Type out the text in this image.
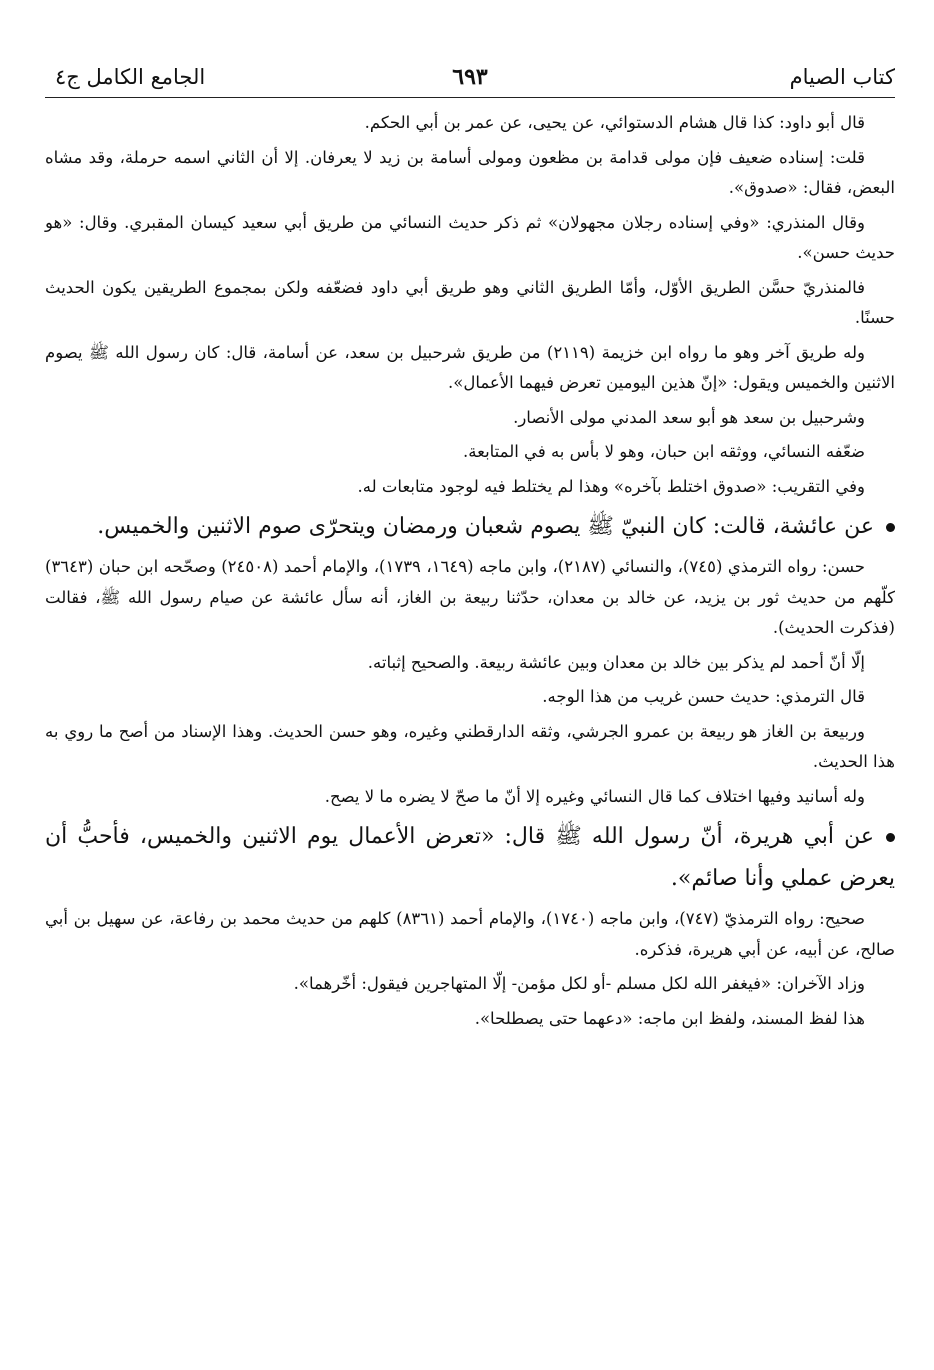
كتاب الصيام
٦٩٣
الجامع الكامل ج٤
قال أبو داود: كذا قال هشام الدستوائي، عن يحيى، عن عمر بن أبي الحكم.
قلت: إسناده ضعيف فإن مولى قدامة بن مظعون ومولى أسامة بن زيد لا يعرفان. إلا أن الثاني اسمه حرملة، وقد مشاه البعض، فقال: «صدوق».
وقال المنذري: «وفي إسناده رجلان مجهولان» ثم ذكر حديث النسائي من طريق أبي سعيد كيسان المقبري. وقال: «هو حديث حسن».
فالمنذريّ حسَّن الطريق الأوّل، وأمّا الطريق الثاني وهو طريق أبي داود فضعّفه ولكن بمجموع الطريقين يكون الحديث حسنًا.
وله طريق آخر وهو ما رواه ابن خزيمة (٢١١٩) من طريق شرحبيل بن سعد، عن أسامة، قال: كان رسول الله ﷺ يصوم الاثنين والخميس ويقول: «إنّ هذين اليومين تعرض فيهما الأعمال».
وشرحبيل بن سعد هو أبو سعد المدني مولى الأنصار.
ضعّفه النسائي، ووثقه ابن حبان، وهو لا بأس به في المتابعة.
وفي التقريب: «صدوق اختلط بآخره» وهذا لم يختلط فيه لوجود متابعات له.
عن عائشة، قالت: كان النبيّ ﷺ يصوم شعبان ورمضان ويتحرّى صوم الاثنين والخميس.
حسن: رواه الترمذي (٧٤٥)، والنسائي (٢١٨٧)، وابن ماجه (١٦٤٩، ١٧٣٩)، والإمام أحمد (٢٤٥٠٨) وصحّحه ابن حبان (٣٦٤٣) كلّهم من حديث ثور بن يزيد، عن خالد بن معدان، حدّثنا ربيعة بن الغاز، أنه سأل عائشة عن صيام رسول الله ﷺ، فقالت (فذكرت الحديث).
إلّا أنّ أحمد لم يذكر بين خالد بن معدان وبين عائشة ربيعة. والصحيح إثباته.
قال الترمذي: حديث حسن غريب من هذا الوجه.
وربيعة بن الغاز هو ربيعة بن عمرو الجرشي، وثقه الدارقطني وغيره، وهو حسن الحديث. وهذا الإسناد من أصح ما روي به هذا الحديث.
وله أسانيد وفيها اختلاف كما قال النسائي وغيره إلا أنّ ما صحّ لا يضره ما لا يصح.
عن أبي هريرة، أنّ رسول الله ﷺ قال: «تعرض الأعمال يوم الاثنين والخميس، فأحبُّ أن يعرض عملي وأنا صائم».
صحيح: رواه الترمذيّ (٧٤٧)، وابن ماجه (١٧٤٠)، والإمام أحمد (٨٣٦١) كلهم من حديث محمد بن رفاعة، عن سهيل بن أبي صالح، عن أبيه، عن أبي هريرة، فذكره.
وزاد الآخران: «فيغفر الله لكل مسلم -أو لكل مؤمن- إلّا المتهاجرين فيقول: أخّرهما».
هذا لفظ المسند، ولفظ ابن ماجه: «دعهما حتى يصطلحا».
